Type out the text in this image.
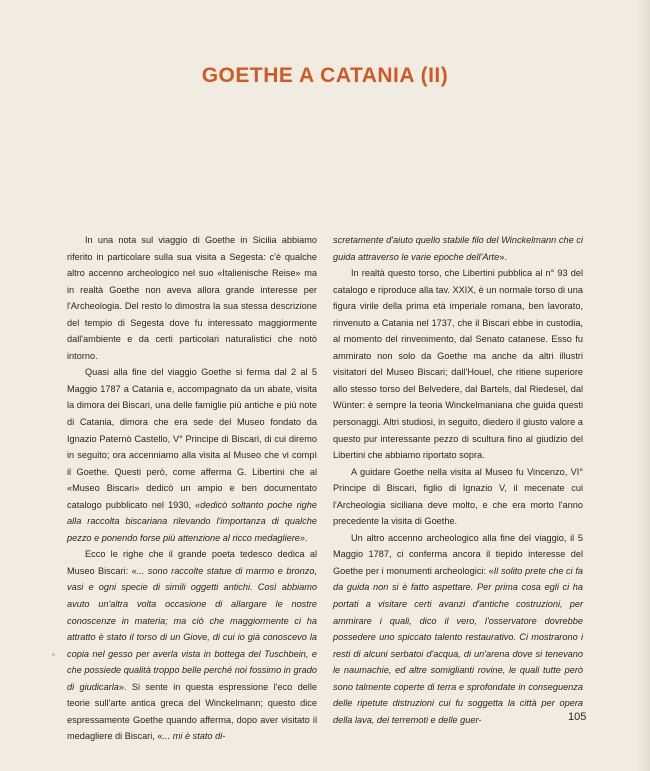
GOETHE A CATANIA (II)

In una nota sul viaggio di Goethe in Sicilia abbiamo riferito in particolare sulla sua visita a Segesta: c'è qualche altro accenno archeologico nel suo «Italienische Reise» ma in realtà Goethe non aveva allora grande interesse per l'Archeologia. Del resto lo dimostra la sua stessa descrizione del tempio di Segesta dove fu interessato maggiormente dall'ambiente e da certi particolari naturalistici che notò intorno.

Quasi alla fine del viaggio Goethe si ferma dal 2 al 5 Maggio 1787 a Catania e, accompagnato da un abate, visita la dimora dei Biscari, una delle famiglie più antiche e più note di Catania, dimora che era sede del Museo fondato da Ignazio Paternò Castello, V° Principe di Biscari, di cui diremo in seguito; ora accenniamo alla visita al Museo che vi compì il Goethe. Questi però, come afferma G. Libertini che al «Museo Biscari» dedicò un ampio e ben documentato catalogo pubblicato nel 1930, «dedicò soltanto poche righe alla raccolta biscariana rilevando l'importanza di qualche pezzo e ponendo forse più attenzione al ricco medagliere».

Ecco le righe che il grande poeta tedesco dedica al Museo Biscari: «... sono raccolte statue di marmo e bronzo, vasi e ogni specie di simili oggetti antichi. Così abbiamo avuto un'altra volta occasione di allargare le nostre conoscenze in materia; ma ciò che maggiormente ci ha attratto è stato il torso di un Giove, di cui io già conoscevo la copia nel gesso per averla vista in bottega del Tuschbein, e che possiede qualità troppo belle perché noi fossimo in grado di giudicarla». Si sente in questa espressione l'eco delle teorie sull'arte antica greca del Winckelmann; questo dice espressamente Goethe quando afferma, dopo aver visitato il medagliere di Biscari, «... mi è stato di-

scretamente d'aiuto quello stabile filo del Winckelmann che ci guida attraverso le varie epoche dell'Arte».

In realtà questo torso, che Libertini pubblica al n° 93 del catalogo e riproduce alla tav. XXIX, è un normale torso di una figura virile della prima età imperiale romana, ben lavorato, rinvenuto a Catania nel 1737, che il Biscari ebbe in custodia, al momento del rinvenimento, dal Senato catanese. Esso fu ammirato non solo da Goethe ma anche da altri illustri visitatori del Museo Biscari; dall'Houel, che ritiene superiore allo stesso torso del Belvedere, dal Bartels, dal Riedesel, dal Wünter: è sempre la teoria Winckelmaniana che guida questi personaggi. Altri studiosi, in seguito, diedero il giusto valore a questo pur interessante pezzo di scultura fino al giudizio del Libertini che abbiamo riportato sopra.

A guidare Goethe nella visita al Museo fu Vincenzo, VI° Principe di Biscari, figlio di Ignazio V, il mecenate cui l'Archeologia siciliana deve molto, e che era morto l'anno precedente la visita di Goethe.

Un altro accenno archeologico alla fine del viaggio, il 5 Maggio 1787, ci conferma ancora il tiepido interesse del Goethe per i monumenti archeologici: «Il solito prete che ci fa da guida non si è fatto aspettare. Per prima cosa egli ci ha portati a visitare certi avanzi d'antiche costruzioni, per ammirare i quali, dico il vero, l'osservatore dovrebbe possedere uno spiccato talento restaurativo. Ci mostrarono i resti di alcuni serbatoi d'acqua, di un'arena dove si tenevano le naumachie, ed altre somiglianti rovine, le quali tutte però sono talmente coperte di terra e sprofondate in conseguenza delle ripetute distruzioni cui fu soggetta la città per opera della lava, dei terremoti e delle guer-	105
